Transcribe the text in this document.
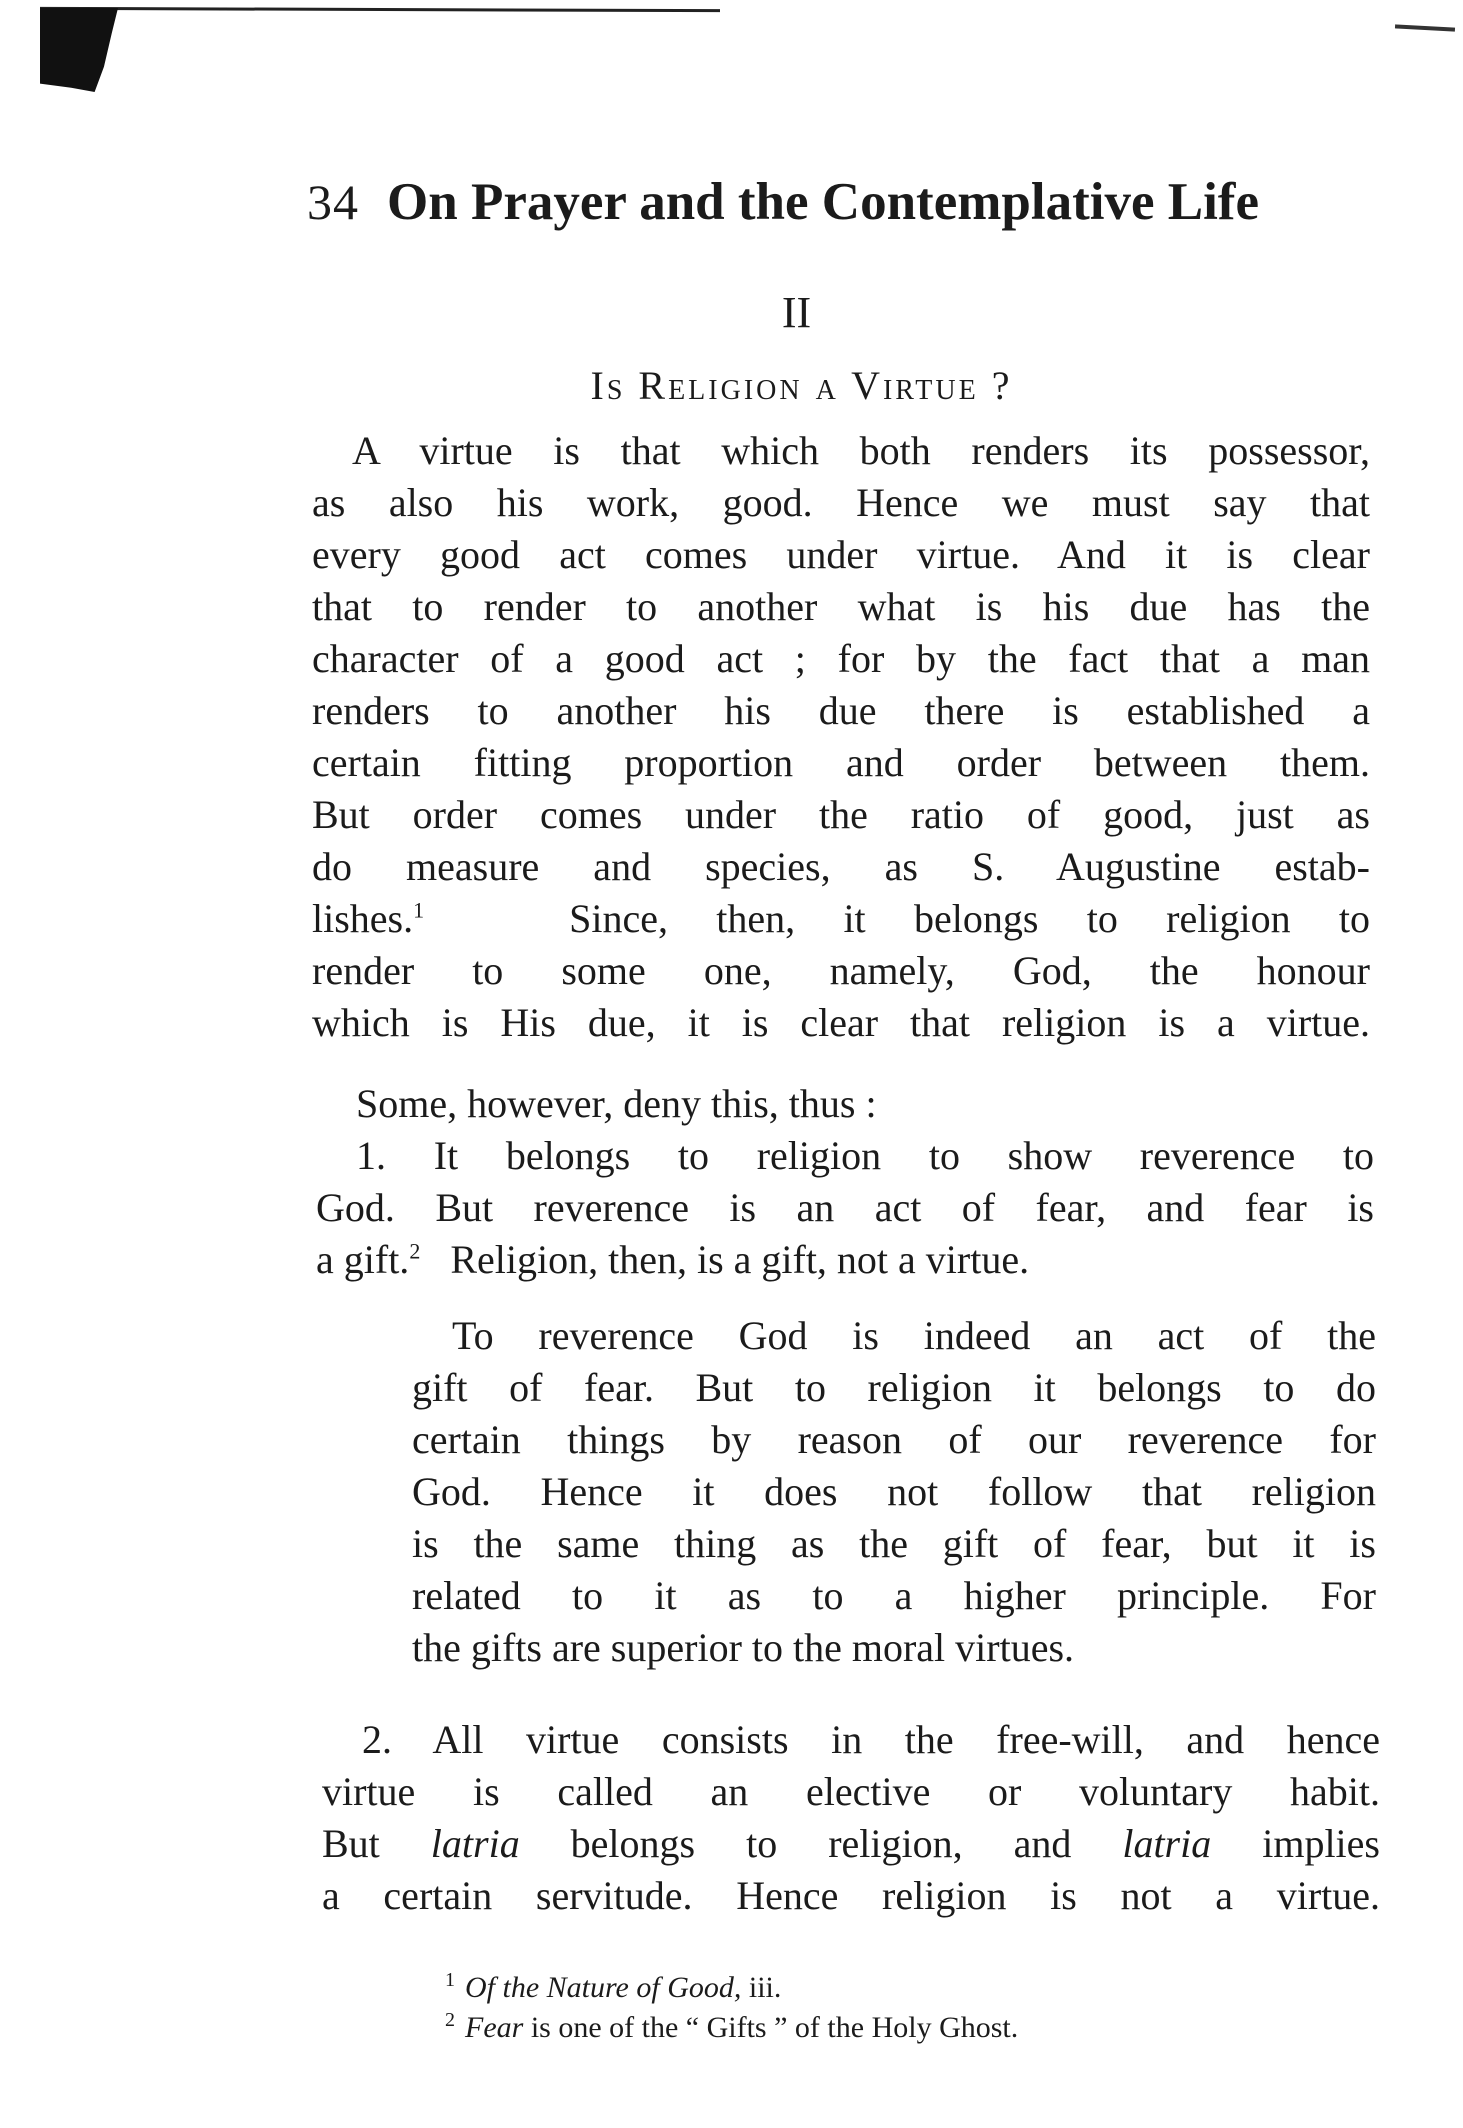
34 On Prayer and the Contemplative Life
II
Is Religion a Virtue ?
A virtue is that which both renders its possessor,
as also his work, good. Hence we must say that
every good act comes under virtue. And it is clear
that to render to another what is his due has the
character of a good act ; for by the fact that a man
renders to another his due there is established a
certain fitting proportion and order between them.
But order comes under the ratio of good, just as
do measure and species, as S. Augustine estab-
lishes.$^1$	Since, then, it belongs to religion to
render to some one, namely, God, the honour
which is His due, it is clear that religion is a virtue.
Some, however, deny this, thus :
1. It belongs to religion to show reverence to
God. But reverence is an act of fear, and fear is
a gift.$^2$ Religion, then, is a gift, not a virtue.
To reverence God is indeed an act of the
gift of fear. But to religion it belongs to do
certain things by reason of our reverence for
God. Hence it does not follow that religion
is the same thing as the gift of fear, but it is
related to it as to a higher principle. For
the gifts are superior to the moral virtues.
2. All virtue consists in the free-will, and hence
virtue is called an elective or voluntary habit.
But latria belongs to religion, and latria implies
a certain servitude. Hence religion is not a virtue.
$^1$ Of the Nature of Good, iii.
$^2$ Fear is one of the “ Gifts ” of the Holy Ghost.
